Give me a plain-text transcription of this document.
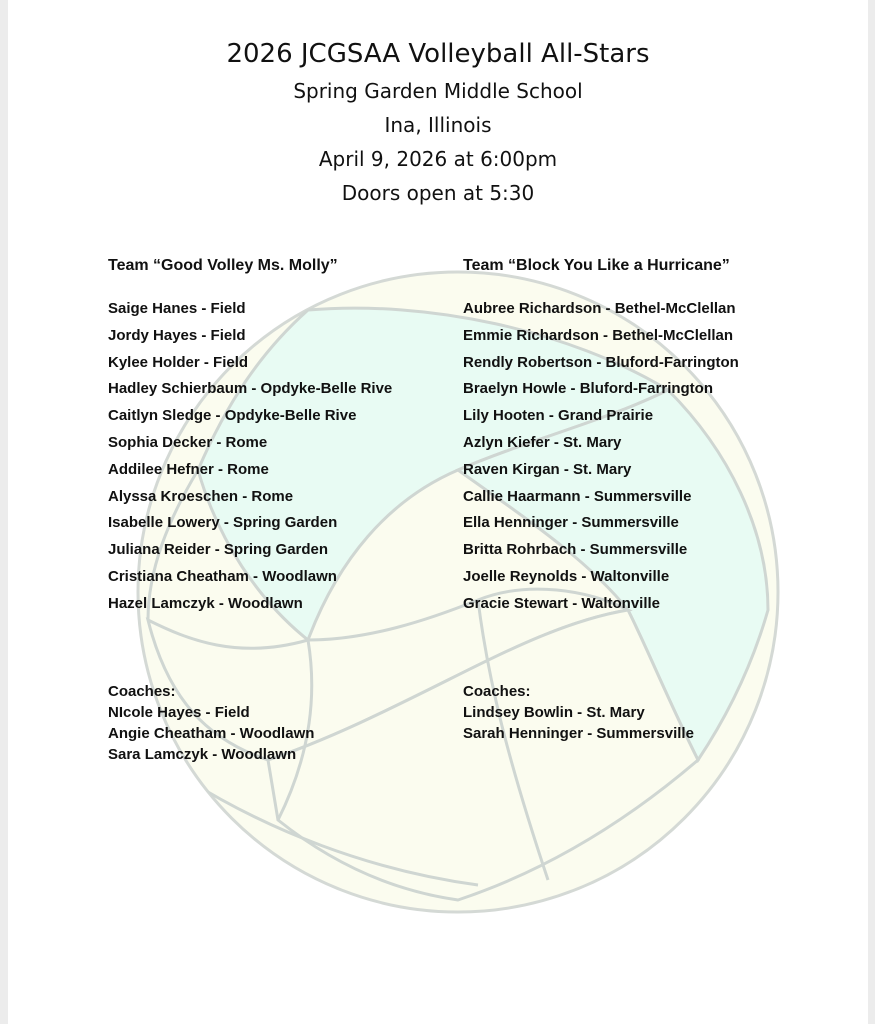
2026 JCGSAA Volleyball All-Stars

Spring Garden Middle School

Ina, Illinois

April 9, 2026 at 6:00pm

Doors open at 5:30

Team “Good Volley Ms. Molly”

Saige Hanes - Field
Jordy Hayes - Field
Kylee Holder - Field
Hadley Schierbaum - Opdyke-Belle Rive
Caitlyn Sledge - Opdyke-Belle Rive
Sophia Decker - Rome
Addilee Hefner - Rome
Alyssa Kroeschen - Rome
Isabelle Lowery - Spring Garden
Juliana Reider - Spring Garden
Cristiana Cheatham - Woodlawn
Hazel Lamczyk - Woodlawn

Team “Block You Like a Hurricane”

Aubree Richardson - Bethel-McClellan
Emmie Richardson - Bethel-McClellan
Rendly Robertson - Bluford-Farrington
Braelyn Howle - Bluford-Farrington
Lily Hooten - Grand Prairie
Azlyn Kiefer - St. Mary
Raven Kirgan - St. Mary
Callie Haarmann - Summersville
Ella Henninger - Summersville
Britta Rohrbach - Summersville
Joelle Reynolds - Waltonville
Gracie Stewart - Waltonville

Coaches:

NIcole Hayes - Field
Angie Cheatham - Woodlawn
Sara Lamczyk - Woodlawn

Coaches:

Lindsey Bowlin - St. Mary
Sarah Henninger - Summersville
